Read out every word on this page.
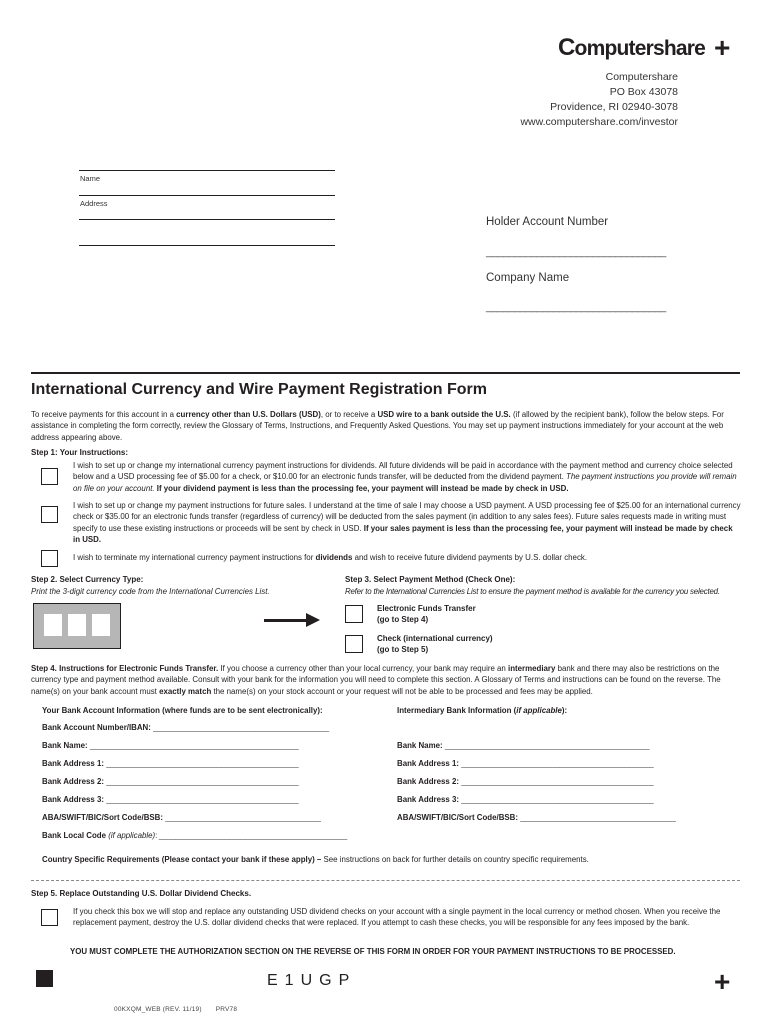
Computershare +
Computershare
PO Box 43078
Providence, RI 02940-3078
www.computershare.com/investor
Name
Address
Holder Account Number
________________________________
Company Name
________________________________
International Currency and Wire Payment Registration Form
To receive payments for this account in a currency other than U.S. Dollars (USD), or to receive a USD wire to a bank outside the U.S. (if allowed by the recipient bank), follow the below steps. For assistance in completing the form correctly, review the Glossary of Terms, Instructions, and Frequently Asked Questions. You may set up payment instructions immediately for your account at the web address appearing above.
Step 1: Your Instructions:
I wish to set up or change my international currency payment instructions for dividends. All future dividends will be paid in accordance with the payment method and currency choice selected below and a USD processing fee of $5.00 for a check, or $10.00 for an electronic funds transfer, will be deducted from the dividend payment. The payment instructions you provide will remain on file on your account. If your dividend payment is less than the processing fee, your payment will instead be made by check in USD.
I wish to set up or change my payment instructions for future sales. I understand at the time of sale I may choose a USD payment. A USD processing fee of $25.00 for an international currency check or $35.00 for an electronic funds transfer (regardless of currency) will be deducted from the sales payment (in addition to any sales fees). Future sales requests made in writing must specify to use these existing instructions or proceeds will be sent by check in USD. If your sales payment is less than the processing fee, your payment will instead be made by check in USD.
I wish to terminate my international currency payment instructions for dividends and wish to receive future dividend payments by U.S. dollar check.
Step 2. Select Currency Type:
Print the 3-digit currency code from the International Currencies List.
Step 3. Select Payment Method (Check One):
Refer to the International Currencies List to ensure the payment method is available for the currency you selected.
Electronic Funds Transfer
(go to Step 4)
Check (international currency)
(go to Step 5)
Step 4. Instructions for Electronic Funds Transfer. If you choose a currency other than your local currency, your bank may require an intermediary bank and there may also be restrictions on the currency type and payment method available. Consult with your bank for the information you will need to complete this section. A Glossary of Terms and instructions can be found on the reverse. The name(s) on your bank account must exactly match the name(s) on your stock account or your request will not be able to be processed and fees may be applied.
Your Bank Account Information (where funds are to be sent electronically):	Intermediary Bank Information (if applicable):
Bank Account Number/IBAN: ___________________________________________
Bank Name: ___________________________________________________
Bank Address 1: _______________________________________________
Bank Address 2: _______________________________________________
Bank Address 3: _______________________________________________
ABA/SWIFT/BIC/Sort Code/BSB: ______________________________________
Bank Local Code (if applicable): ______________________________________________
Bank Name: __________________________________________________
Bank Address 1: _______________________________________________
Bank Address 2: _______________________________________________
Bank Address 3: _______________________________________________
ABA/SWIFT/BIC/Sort Code/BSB: ______________________________________
Country Specific Requirements (Please contact your bank if these apply) – See instructions on back for further details on country specific requirements.
Step 5. Replace Outstanding U.S. Dollar Dividend Checks.
If you check this box we will stop and replace any outstanding USD dividend checks on your account with a single payment in the local currency or method chosen. When you receive the replacement payment, destroy the U.S. dollar dividend checks that were replaced. If you attempt to cash these checks, you will be responsible for any fees imposed by the bank.
YOU MUST COMPLETE THE AUTHORIZATION SECTION ON THE REVERSE OF THIS FORM IN ORDER FOR YOUR PAYMENT INSTRUCTIONS TO BE PROCESSED.
E1UGP	+
00KXQM_WEB (REV. 11/19) PRV78
